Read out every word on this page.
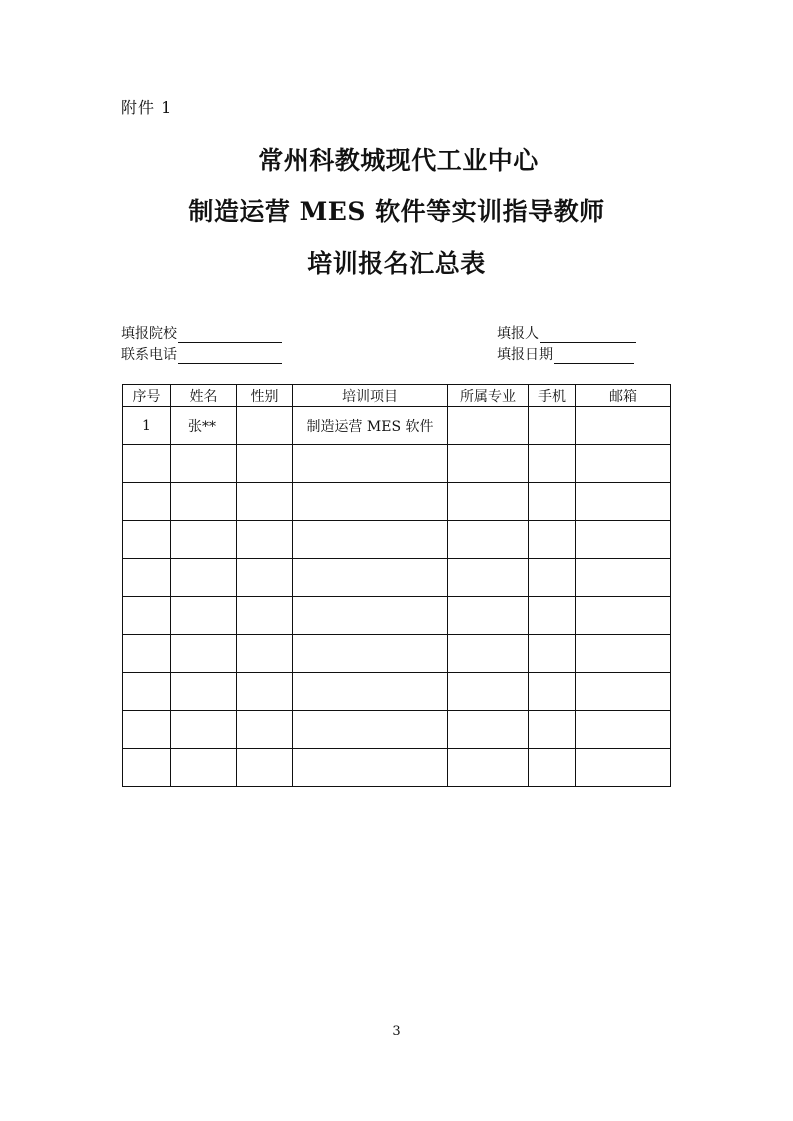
附件 1
常州科教城现代工业中心
制造运营 MES 软件等实训指导教师
培训报名汇总表
填报院校
联系电话
填报人
填报日期
序号	姓名	性别	培训项目	所属专业	手机	邮箱
1	张**		制造运营 MES 软件			

3
